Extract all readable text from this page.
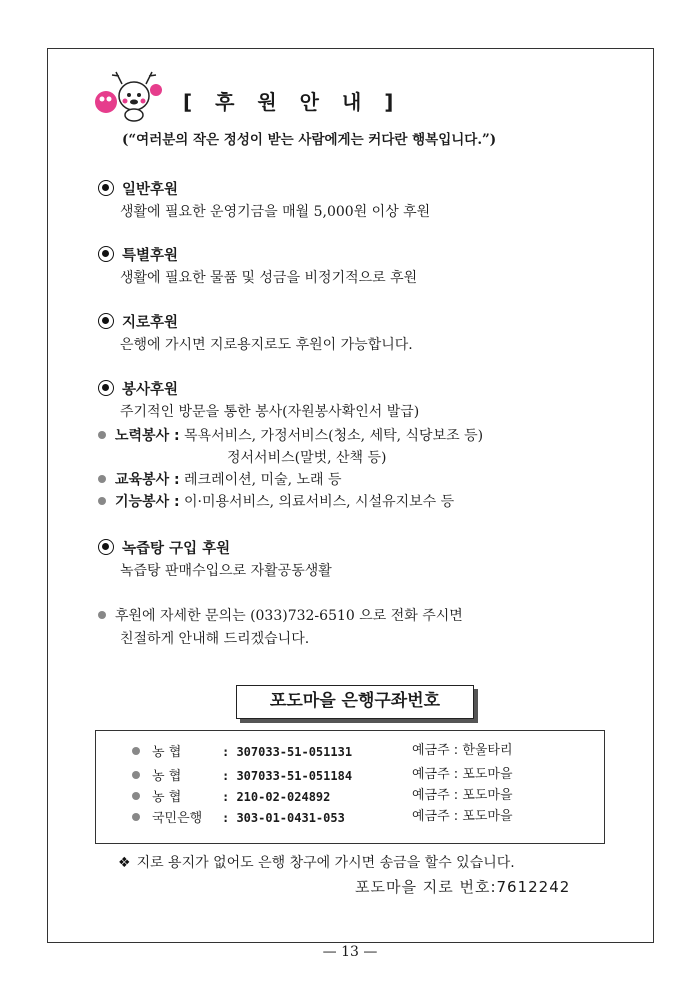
[ 후 원 안 내 ]
(“여러분의 작은 정성이 받는 사람에게는 커다란 행복입니다.”)
일반후원
생활에 필요한 운영기금을 매월 5,000원 이상 후원
특별후원
생활에 필요한 물품 및 성금을 비정기적으로 후원
지로후원
은행에 가시면 지로용지로도 후원이 가능합니다.
봉사후원
주기적인 방문을 통한 봉사(자원봉사확인서 발급)
노력봉사 : 목욕서비스, 가정서비스(청소, 세탁, 식당보조 등)
정서서비스(말벗, 산책 등)
교육봉사 : 레크레이션, 미술, 노래 등
기능봉사 : 이·미용서비스, 의료서비스, 시설유지보수 등
녹즙탕 구입 후원
녹즙탕 판매수입으로 자활공동생활
후원에 자세한 문의는 (033)732-6510 으로 전화 주시면
친절하게 안내해 드리겠습니다.
포도마을 은행구좌번호
농 협	: 307033-51-051131	예금주 : 한울타리
농 협	: 307033-51-051184	예금주 : 포도마을
농 협	: 210-02-024892	예금주 : 포도마을
국민은행 : 303-01-0431-053	예금주 : 포도마을
❖ 지로 용지가 없어도 은행 창구에 가시면 송금을 할수 있습니다.
포도마을 지로 번호:7612242
— 13 —
